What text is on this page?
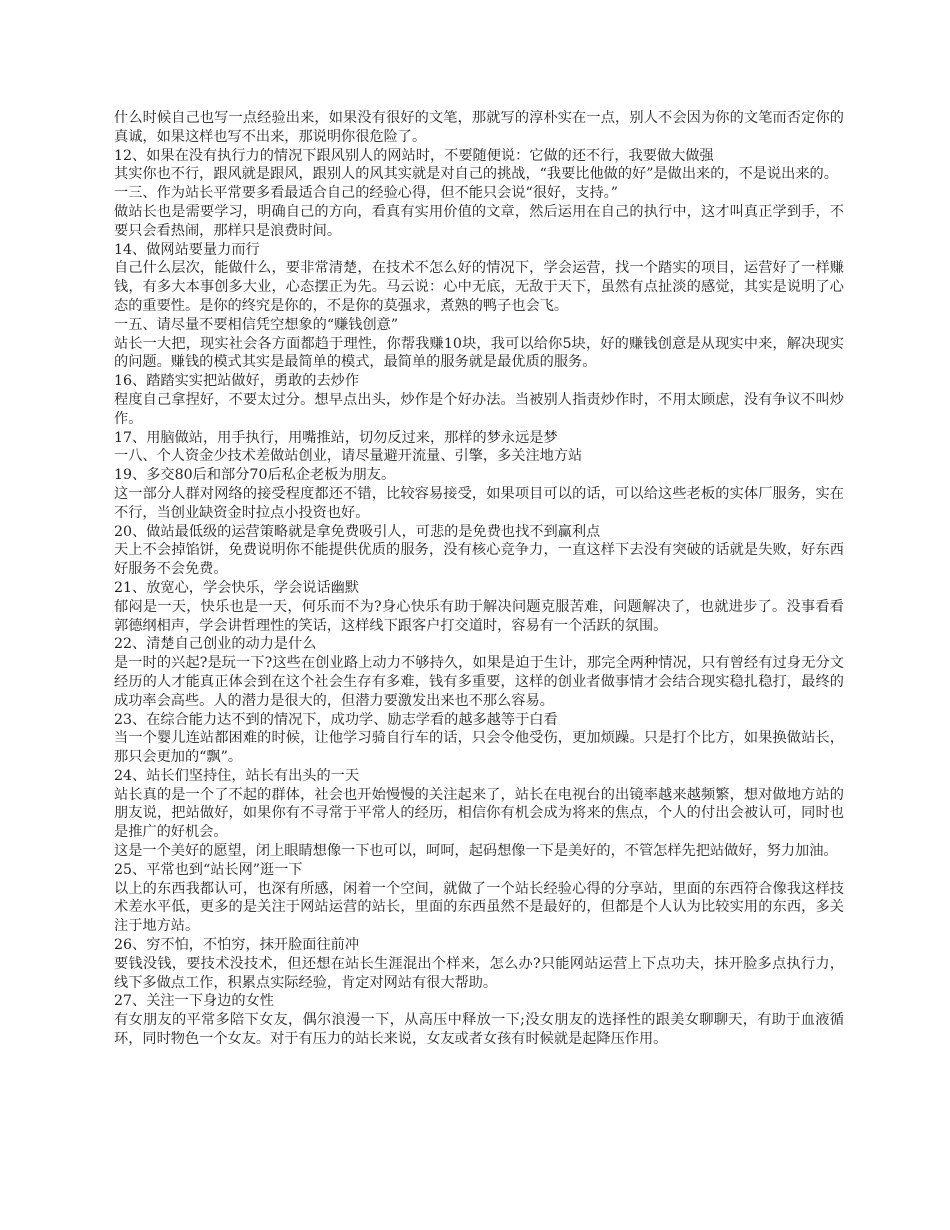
什么时候自己也写一点经验出来，如果没有很好的文笔，那就写的淳朴实在一点，别人不会因为你的文笔而否定你的真诚，如果这样也写不出来，那说明你很危险了。

12、如果在没有执行力的情况下跟风别人的网站时，不要随便说：它做的还不行，我要做大做强

其实你也不行，跟风就是跟风，跟别人的风其实就是对自己的挑战，“我要比他做的好”是做出来的，不是说出来的。

一三、作为站长平常要多看最适合自己的经验心得，但不能只会说“很好，支持。”

做站长也是需要学习，明确自己的方向，看真有实用价值的文章，然后运用在自己的执行中，这才叫真正学到手，不要只会看热闹，那样只是浪费时间。

14、做网站要量力而行

自己什么层次，能做什么，要非常清楚，在技术不怎么好的情况下，学会运营，找一个踏实的项目，运营好了一样赚钱，有多大本事创多大业，心态摆正为先。马云说：心中无底，无敌于天下，虽然有点扯淡的感觉，其实是说明了心态的重要性。是你的终究是你的，不是你的莫强求，煮熟的鸭子也会飞。

一五、请尽量不要相信凭空想象的“赚钱创意”

站长一大把，现实社会各方面都趋于理性，你帮我赚10块，我可以给你5块，好的赚钱创意是从现实中来，解决现实的问题。赚钱的模式其实是最简单的模式，最简单的服务就是最优质的服务。

16、踏踏实实把站做好，勇敢的去炒作

程度自己拿捏好，不要太过分。想早点出头，炒作是个好办法。当被别人指责炒作时，不用太顾虑，没有争议不叫炒作。

17、用脑做站，用手执行，用嘴推站，切勿反过来，那样的梦永远是梦

一八、个人资金少技术差做站创业，请尽量避开流量、引擎，多关注地方站

19、多交80后和部分70后私企老板为朋友。

这一部分人群对网络的接受程度都还不错，比较容易接受，如果项目可以的话，可以给这些老板的实体厂服务，实在不行，当创业缺资金时拉点小投资也好。

20、做站最低级的运营策略就是拿免费吸引人，可悲的是免费也找不到赢利点

天上不会掉馅饼，免费说明你不能提供优质的服务，没有核心竞争力，一直这样下去没有突破的话就是失败，好东西好服务不会免费。

21、放宽心，学会快乐，学会说话幽默

郁闷是一天，快乐也是一天，何乐而不为?身心快乐有助于解决问题克服苦难，问题解决了，也就进步了。没事看看郭德纲相声，学会讲哲理性的笑话，这样线下跟客户打交道时，容易有一个活跃的氛围。

22、清楚自己创业的动力是什么

是一时的兴起?是玩一下?这些在创业路上动力不够持久，如果是迫于生计，那完全两种情况，只有曾经有过身无分文经历的人才能真正体会到在这个社会生存有多难，钱有多重要，这样的创业者做事情才会结合现实稳扎稳打，最终的成功率会高些。人的潜力是很大的，但潜力要激发出来也不那么容易。

23、在综合能力达不到的情况下，成功学、励志学看的越多越等于白看

当一个婴儿连站都困难的时候，让他学习骑自行车的话，只会令他受伤，更加烦躁。只是打个比方，如果换做站长，那只会更加的“飘”。

24、站长们坚持住，站长有出头的一天

站长真的是一个了不起的群体，社会也开始慢慢的关注起来了，站长在电视台的出镜率越来越频繁，想对做地方站的朋友说，把站做好，如果你有不寻常于平常人的经历，相信你有机会成为将来的焦点，个人的付出会被认可，同时也是推广的好机会。

这是一个美好的愿望，闭上眼睛想像一下也可以，呵呵，起码想像一下是美好的，不管怎样先把站做好，努力加油。

25、平常也到“站长网”逛一下

以上的东西我都认可，也深有所感，闲着一个空间，就做了一个站长经验心得的分享站，里面的东西符合像我这样技术差水平低，更多的是关注于网站运营的站长，里面的东西虽然不是最好的，但都是个人认为比较实用的东西，多关注于地方站。

26、穷不怕，不怕穷，抹开脸面往前冲

要钱没钱，要技术没技术，但还想在站长生涯混出个样来，怎么办?只能网站运营上下点功夫，抹开脸多点执行力，线下多做点工作，积累点实际经验，肯定对网站有很大帮助。

27、关注一下身边的女性

有女朋友的平常多陪下女友，偶尔浪漫一下，从高压中释放一下;没女朋友的选择性的跟美女聊聊天，有助于血液循环，同时物色一个女友。对于有压力的站长来说，女友或者女孩有时候就是起降压作用。
